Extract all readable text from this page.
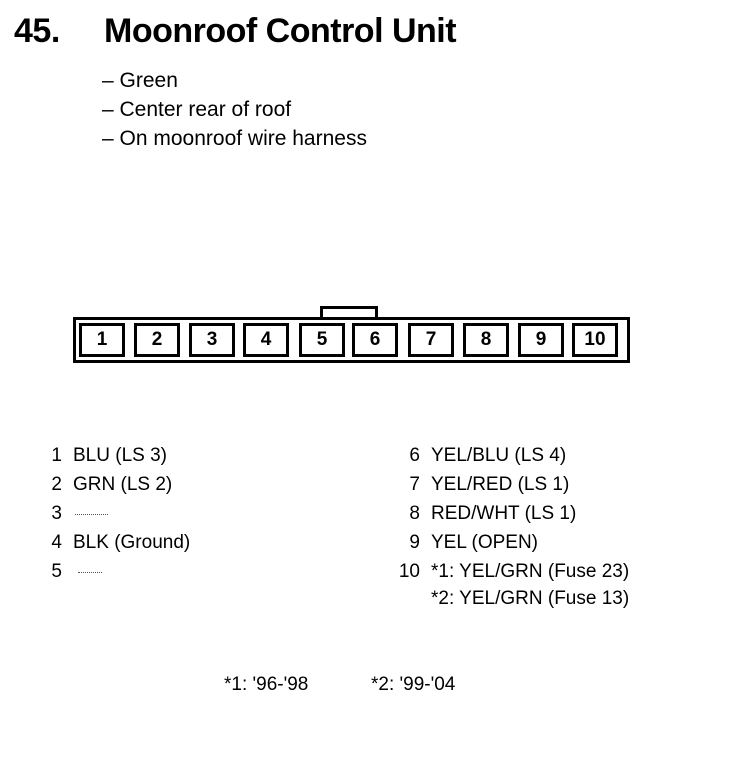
45. Moonroof Control Unit
– Green
– Center rear of roof
– On moonroof wire harness
1	2	3	4	5	6	7	8	9	10
1 BLU (LS 3)
2 GRN (LS 2)
3
4 BLK (Ground)
5
6 YEL/BLU (LS 4)
7 YEL/RED (LS 1)
8 RED/WHT (LS 1)
9 YEL (OPEN)
10 *1: YEL/GRN (Fuse 23)
*2: YEL/GRN (Fuse 13)
*1: '96-'98	*2: '99-'04
